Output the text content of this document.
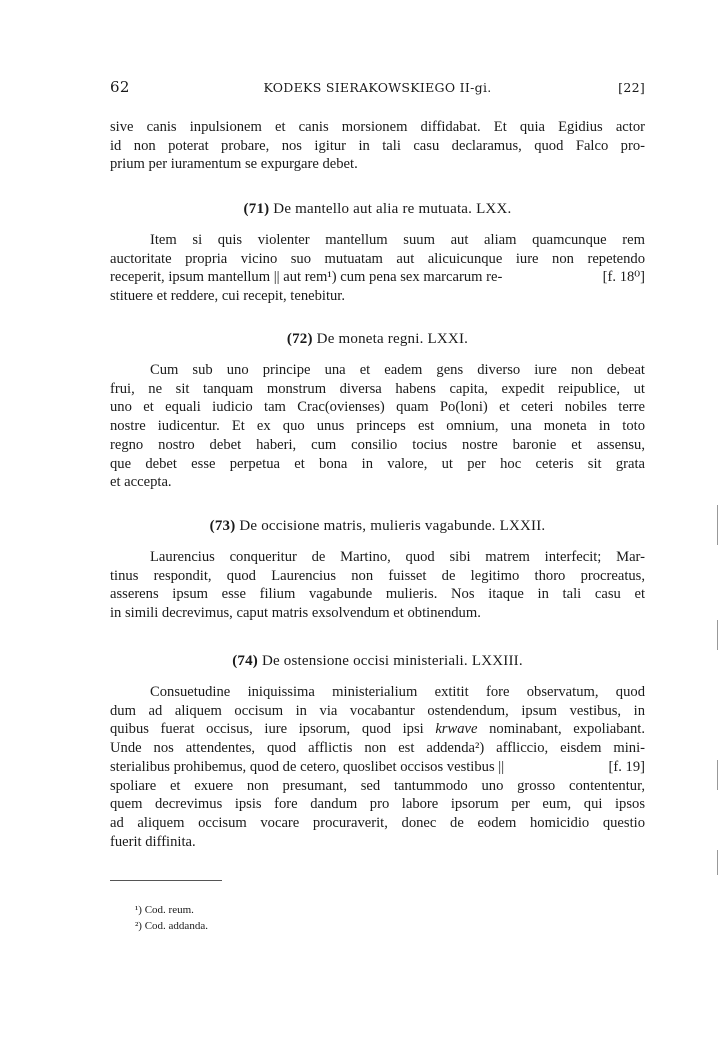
62	KODEKS SIERAKOWSKIEGO II-gi.	[22]

sive canis inpulsionem et canis morsionem diffidabat. Et quia Egidius actor

id non poterat probare, nos igitur in tali casu declaramus, quod Falco pro-

prium per iuramentum se expurgare debet.

(71) De mantello aut alia re mutuata. LXX.

Item si quis violenter mantellum suum aut aliam quamcunque rem

auctoritate propria vicino suo mutuatam aut alicuicunque iure non repetendo

receperit, ipsum mantellum || aut rem¹) cum pena sex marcarum re-	[f. 18⁰]

stituere et reddere, cui recepit, tenebitur.

(72) De moneta regni. LXXI.

Cum sub uno principe una et eadem gens diverso iure non debeat

frui, ne sit tanquam monstrum diversa habens capita, expedit reipublice, ut

uno et equali iudicio tam Crac(ovienses) quam Po(loni) et ceteri nobiles terre

nostre iudicentur. Et ex quo unus princeps est omnium, una moneta in toto

regno nostro debet haberi, cum consilio tocius nostre baronie et assensu,

que debet esse perpetua et bona in valore, ut per hoc ceteris sit grata

et accepta.

(73) De occisione matris, mulieris vagabunde. LXXII.

Laurencius conqueritur de Martino, quod sibi matrem interfecit; Mar-

tinus respondit, quod Laurencius non fuisset de legitimo thoro procreatus,

asserens ipsum esse filium vagabunde mulieris. Nos itaque in tali casu et

in simili decrevimus, caput matris exsolvendum et obtinendum.

(74) De ostensione occisi ministeriali. LXXIII.

Consuetudine iniquissima ministerialium extitit fore observatum, quod

dum ad aliquem occisum in via vocabantur ostendendum, ipsum vestibus, in

quibus fuerat occisus, iure ipsorum, quod ipsi krwave nominabant, expoliabant.

Unde nos attendentes, quod afflictis non est addenda²) affliccio, eisdem mini-

sterialibus prohibemus, quod de cetero, quoslibet occisos vestibus ||	[f. 19]

spoliare et exuere non presumant, sed tantummodo uno grosso contententur,

quem decrevimus ipsis fore dandum pro labore ipsorum per eum, qui ipsos

ad aliquem occisum vocare procuraverit, donec de eodem homicidio questio

fuerit diffinita.

¹) Cod. reum.
²) Cod. addanda.
